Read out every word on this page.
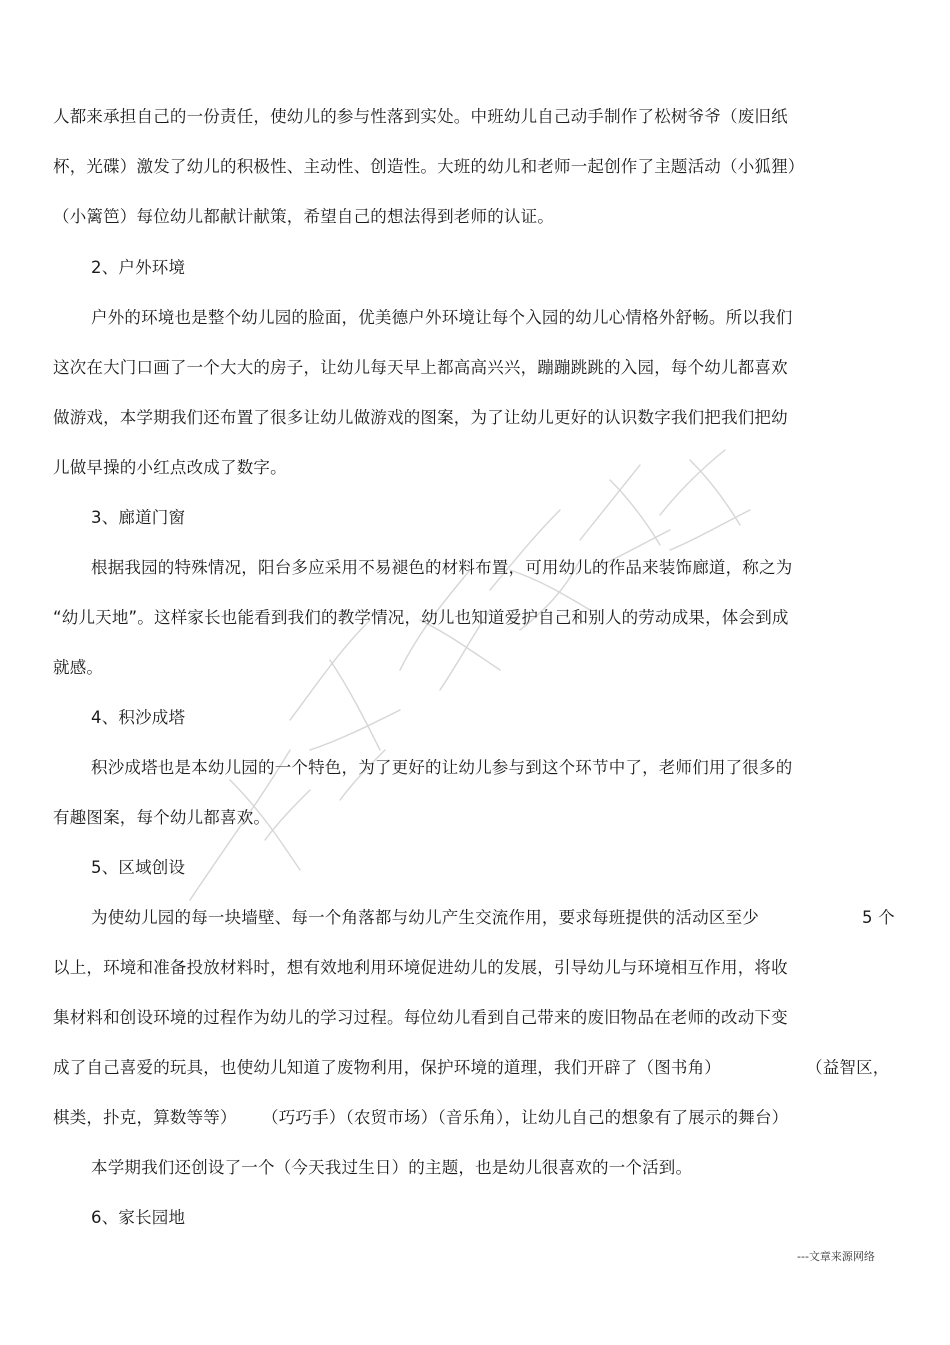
人都来承担自己的一份责任，使幼儿的参与性落到实处。中班幼儿自己动手制作了松树爷爷（废旧纸
杯，光碟）激发了幼儿的积极性、主动性、创造性。大班的幼儿和老师一起创作了主题活动（小狐狸）
（小篱笆）每位幼儿都献计献策，希望自己的想法得到老师的认证。
2、户外环境
户外的环境也是整个幼儿园的脸面，优美德户外环境让每个入园的幼儿心情格外舒畅。所以我们
这次在大门口画了一个大大的房子，让幼儿每天早上都高高兴兴，蹦蹦跳跳的入园，每个幼儿都喜欢
做游戏，本学期我们还布置了很多让幼儿做游戏的图案，为了让幼儿更好的认识数字我们把我们把幼
儿做早操的小红点改成了数字。
3、廊道门窗
根据我园的特殊情况，阳台多应采用不易褪色的材料布置，可用幼儿的作品来装饰廊道，称之为
“幼儿天地”。这样家长也能看到我们的教学情况，幼儿也知道爱护自己和别人的劳动成果，体会到成
就感。
4、积沙成塔
积沙成塔也是本幼儿园的一个特色，为了更好的让幼儿参与到这个环节中了，老师们用了很多的
有趣图案，每个幼儿都喜欢。
5、区域创设
为使幼儿园的每一块墙壁、每一个角落都与幼儿产生交流作用，要求每班提供的活动区至少	5 个
以上，环境和准备投放材料时，想有效地利用环境促进幼儿的发展，引导幼儿与环境相互作用，将收
集材料和创设环境的过程作为幼儿的学习过程。每位幼儿看到自己带来的废旧物品在老师的改动下变
成了自己喜爱的玩具，也使幼儿知道了废物利用，保护环境的道理，我们开辟了（图书角）	（益智区，
棋类，扑克，算数等等） （巧巧手）（农贸市场）（音乐角），让幼儿自己的想象有了展示的舞台）
本学期我们还创设了一个（今天我过生日）的主题，也是幼儿很喜欢的一个活到。
6、家长园地
---文章来源网络
